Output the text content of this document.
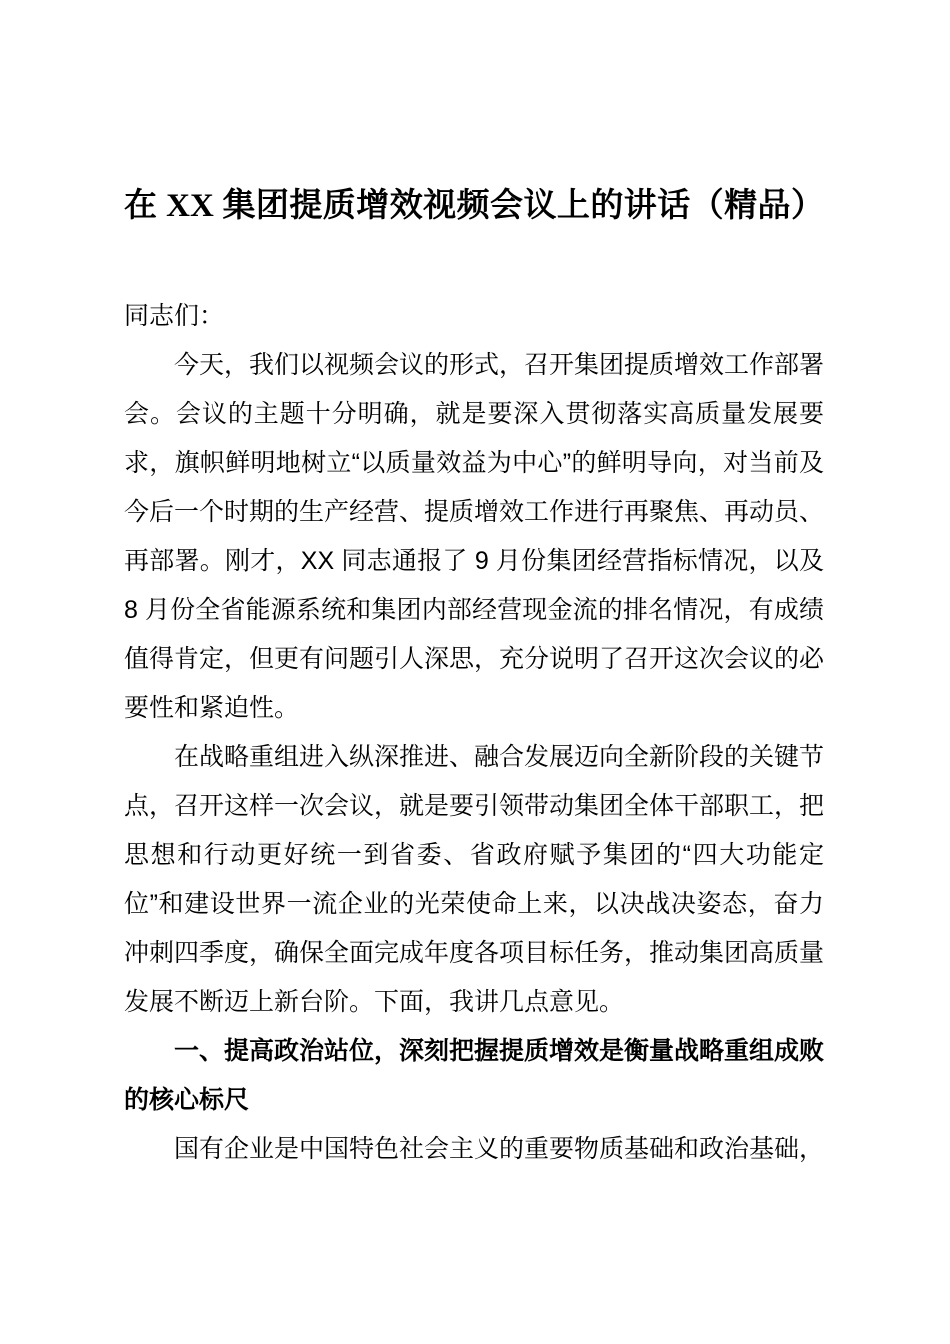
在 XX 集团提质增效视频会议上的讲话（精品）

同志们：

今天，我们以视频会议的形式，召开集团提质增效工作部署会。会议的主题十分明确，就是要深入贯彻落实高质量发展要求，旗帜鲜明地树立“以质量效益为中心”的鲜明导向，对当前及今后一个时期的生产经营、提质增效工作进行再聚焦、再动员、再部署。刚才，XX 同志通报了 9 月份集团经营指标情况，以及 8 月份全省能源系统和集团内部经营现金流的排名情况，有成绩值得肯定，但更有问题引人深思，充分说明了召开这次会议的必要性和紧迫性。

在战略重组进入纵深推进、融合发展迈向全新阶段的关键节点，召开这样一次会议，就是要引领带动集团全体干部职工，把思想和行动更好统一到省委、省政府赋予集团的“四大功能定位”和建设世界一流企业的光荣使命上来，以决战决姿态，奋力冲刺四季度，确保全面完成年度各项目标任务，推动集团高质量发展不断迈上新台阶。下面，我讲几点意见。

一、提高政治站位，深刻把握提质增效是衡量战略重组成败的核心标尺

国有企业是中国特色社会主义的重要物质基础和政治基础，
